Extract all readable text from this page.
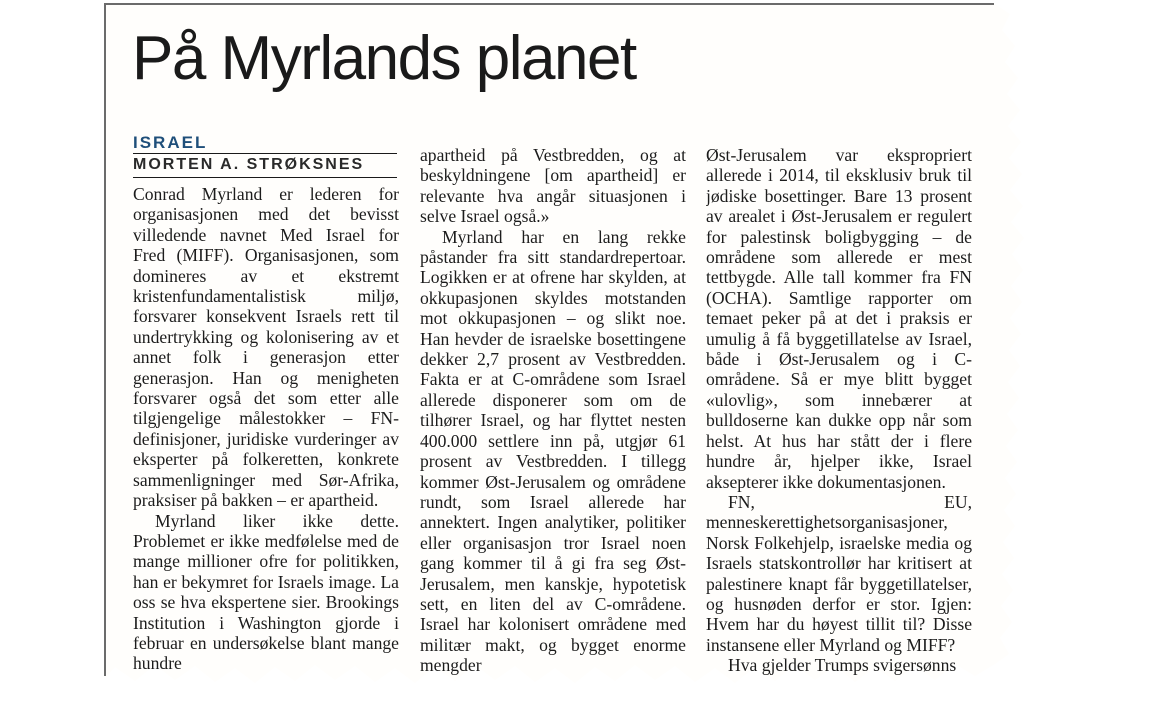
På Myrlands planet
ISRAEL
MORTEN A. STRØKSNES

Conrad Myrland er lederen for organisasjonen med det bevisst villedende navnet Med Israel for Fred (MIFF). Organisasjonen, som domineres av et ekstremt kristenfundamentalistisk miljø, forsvarer konsekvent Israels rett til undertrykking og kolonisering av et annet folk i generasjon etter generasjon. Han og menigheten forsvarer også det som etter alle tilgjengelige målestokker – FN-definisjoner, juridiske vurderinger av eksperter på folkeretten, konkrete sammenligninger med Sør-Afrika, praksiser på bakken – er apartheid.

Myrland liker ikke dette. Problemet er ikke medfølelse med de mange millioner ofre for politikken, han er bekymret for Israels image. La oss se hva ekspertene sier. Brookings Institution i Washington gjorde i februar en undersøkelse blant mange hundre

apartheid på Vestbredden, og at beskyldningene [om apartheid] er relevante hva angår situasjonen i selve Israel også.»

Myrland har en lang rekke påstander fra sitt standardrepertoar. Logikken er at ofrene har skylden, at okkupasjonen skyldes motstanden mot okkupasjonen – og slikt noe. Han hevder de israelske bosettingene dekker 2,7 prosent av Vestbredden. Fakta er at C-områdene som Israel allerede disponerer som om de tilhører Israel, og har flyttet nesten 400.000 settlere inn på, utgjør 61 prosent av Vestbredden. I tillegg kommer Øst-Jerusalem og områdene rundt, som Israel allerede har annektert. Ingen analytiker, politiker eller organisasjon tror Israel noen gang kommer til å gi fra seg Øst-Jerusalem, men kanskje, hypotetisk sett, en liten del av C-områdene. Israel har kolonisert områdene med militær makt, og bygget enorme mengder

Øst-Jerusalem var ekspropriert allerede i 2014, til eksklusiv bruk til jødiske bosettinger. Bare 13 prosent av arealet i Øst-Jerusalem er regulert for palestinsk boligbygging – de områdene som allerede er mest tettbygde. Alle tall kommer fra FN (OCHA). Samtlige rapporter om temaet peker på at det i praksis er umulig å få byggetillatelse av Israel, både i Øst-Jerusalem og i C-områdene. Så er mye blitt bygget «ulovlig», som innebærer at bulldoserne kan dukke opp når som helst. At hus har stått der i flere hundre år, hjelper ikke, Israel aksepterer ikke dokumentasjonen.

FN, EU, menneskerettighetsorganisasjoner, Norsk Folkehjelp, israelske media og Israels statskontrollør har kritisert at palestinere knapt får byggetillatelser, og husnøden derfor er stor. Igjen: Hvem har du høyest tillit til? Disse instansene eller Myrland og MIFF?

Hva gjelder Trumps svigersønns
